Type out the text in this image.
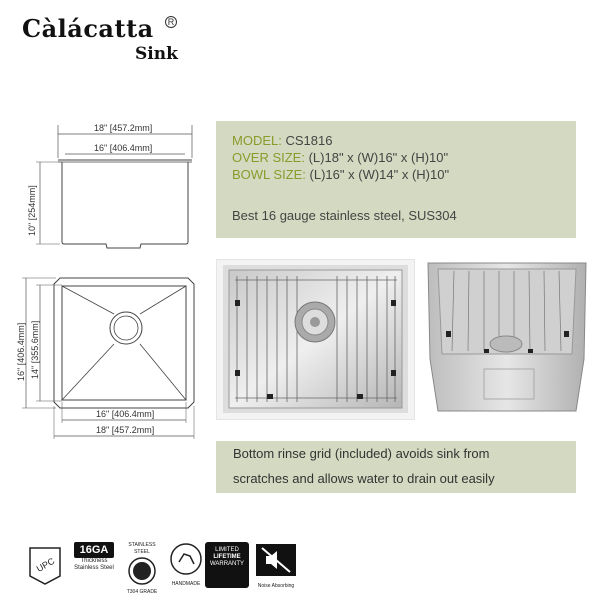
Càlácatta	R
Sink
18" [457.2mm]
16" [406.4mm]
10" [254mm]
16" [406.4mm] 14" [355.6mm]
16" [406.4mm]
18" [457.2mm]
MODEL: CS1816
OVER SIZE: (L)18" x (W)16" x (H)10"
BOWL SIZE: (L)16" x (W)14" x (H)10"
Best 16 gauge stainless steel, SUS304
Bottom rinse grid (included) avoids sink from
scratches and allows water to drain out easily
UPC
16GA
Thickness
Stainless Steel
STAINLESS STEEL
T304 GRADE
HANDMADE
LIMITED
LIFETIME
WARRANTY
Noise Absorbing
